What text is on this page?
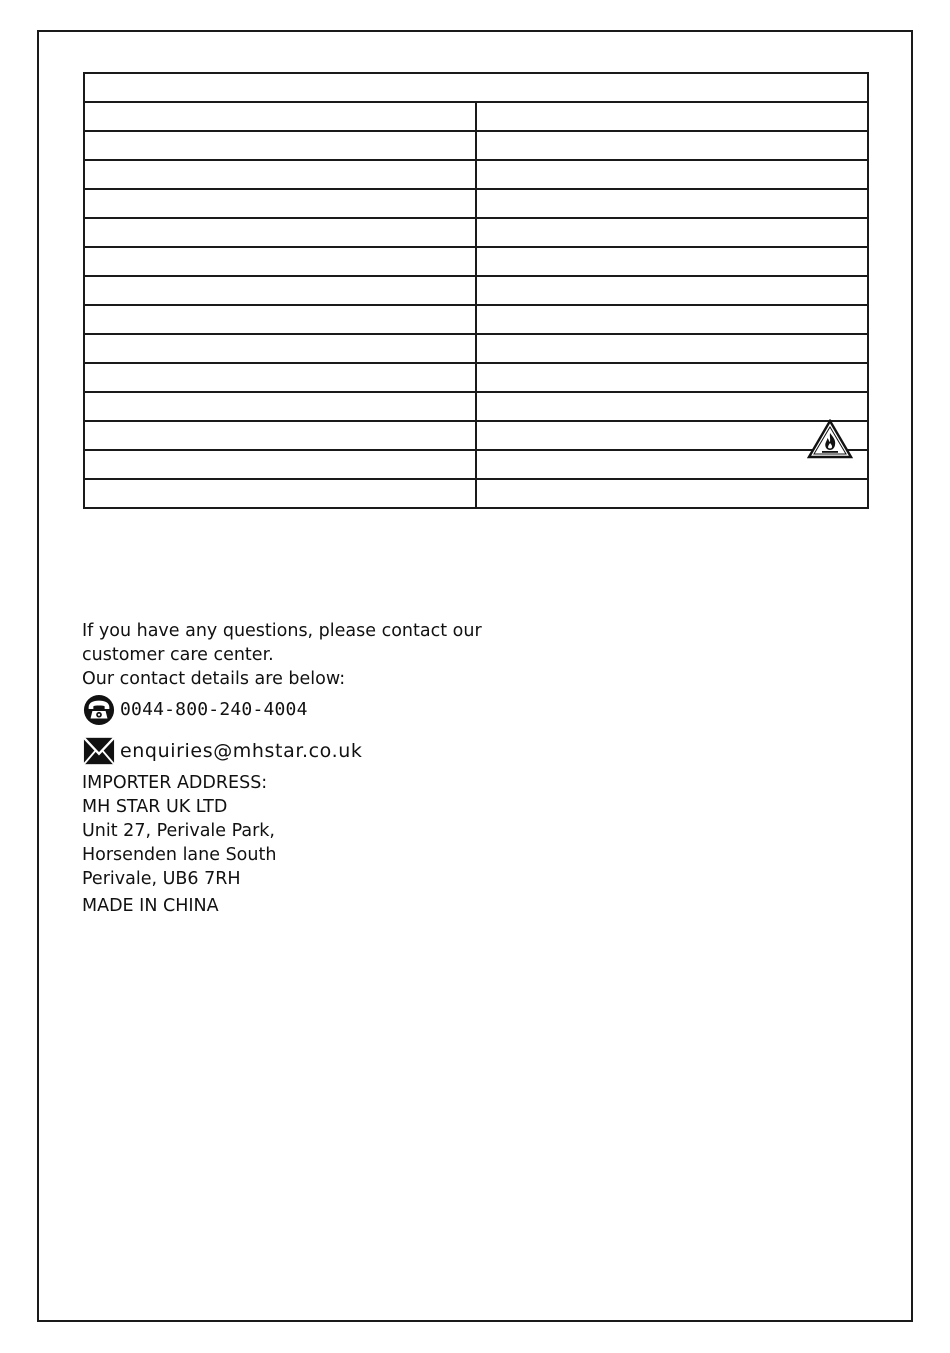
If you have any questions, please contact our
customer care center.
Our contact details are below:
0044-800-240-4004
enquiries@mhstar.co.uk
IMPORTER ADDRESS:
MH STAR UK LTD
Unit 27, Perivale Park,
Horsenden lane South
Perivale, UB6 7RH
MADE IN CHINA
